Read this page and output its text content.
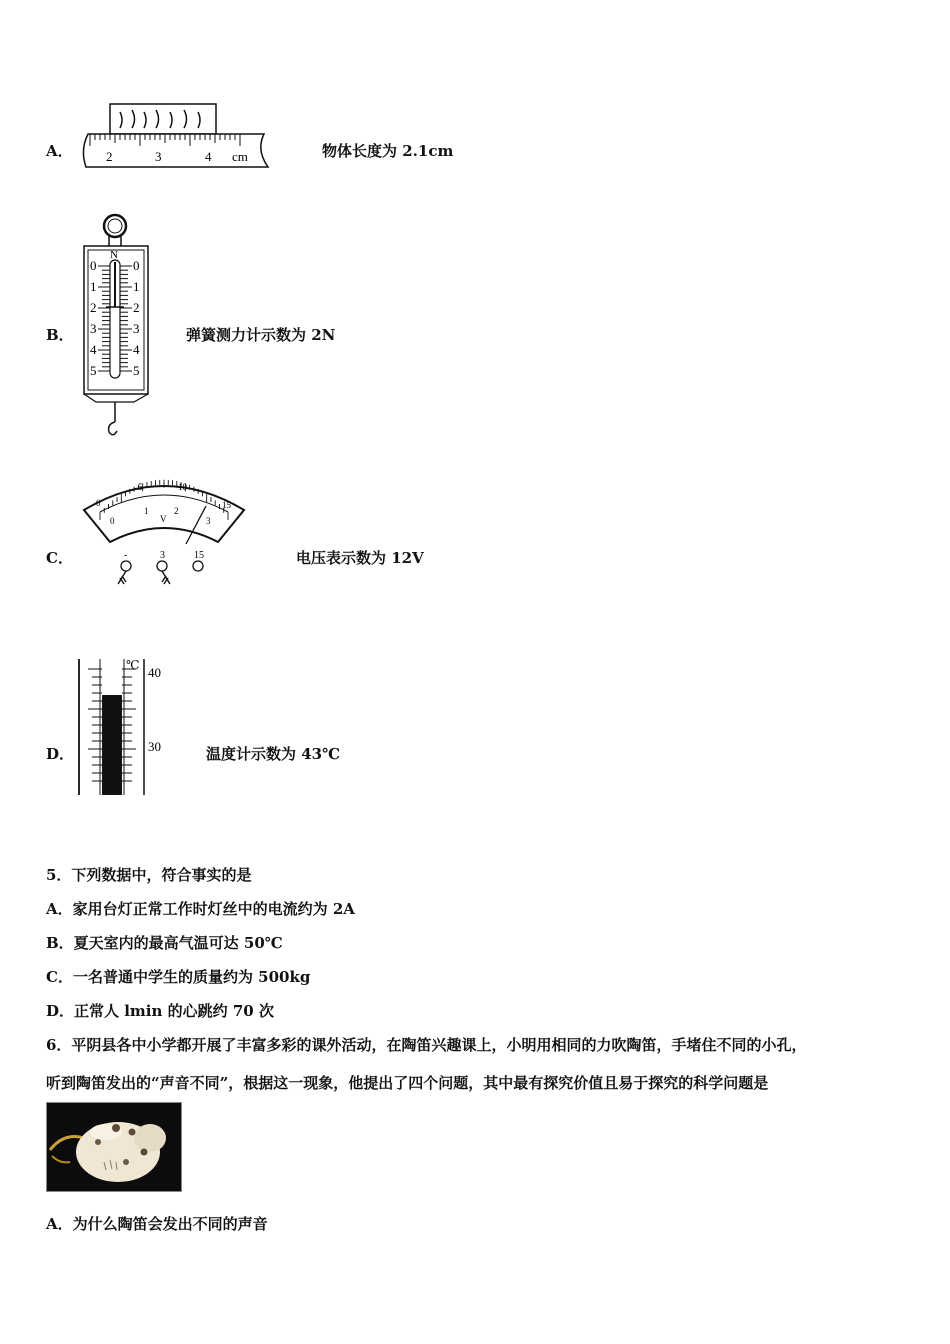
A．	2	3	4 cm	物体长度为 2.1cm
B．
N
0	0
1	1
2	2
3	3
4	4
5	5
弹簧测力计示数为 2N
C．
0
5	10
15
0
1	2
3
V
-	3	15	电压表示数为 12V
D．
℃ 40
30	温度计示数为 43℃
5．下列数据中，符合事实的是
A．家用台灯正常工作时灯丝中的电流约为 2A
B．夏天室内的最高气温可达 50℃
C．一名普通中学生的质量约为 500kg
D．正常人 lmin 的心跳约 70 次
6．平阴县各中小学都开展了丰富多彩的课外活动，在陶笛兴趣课上，小明用相同的力吹陶笛，手堵住不同的小孔，
听到陶笛发出的“声音不同”，根据这一现象，他提出了四个问题，其中最有探究价值且易于探究的科学问题是
A．为什么陶笛会发出不同的声音
